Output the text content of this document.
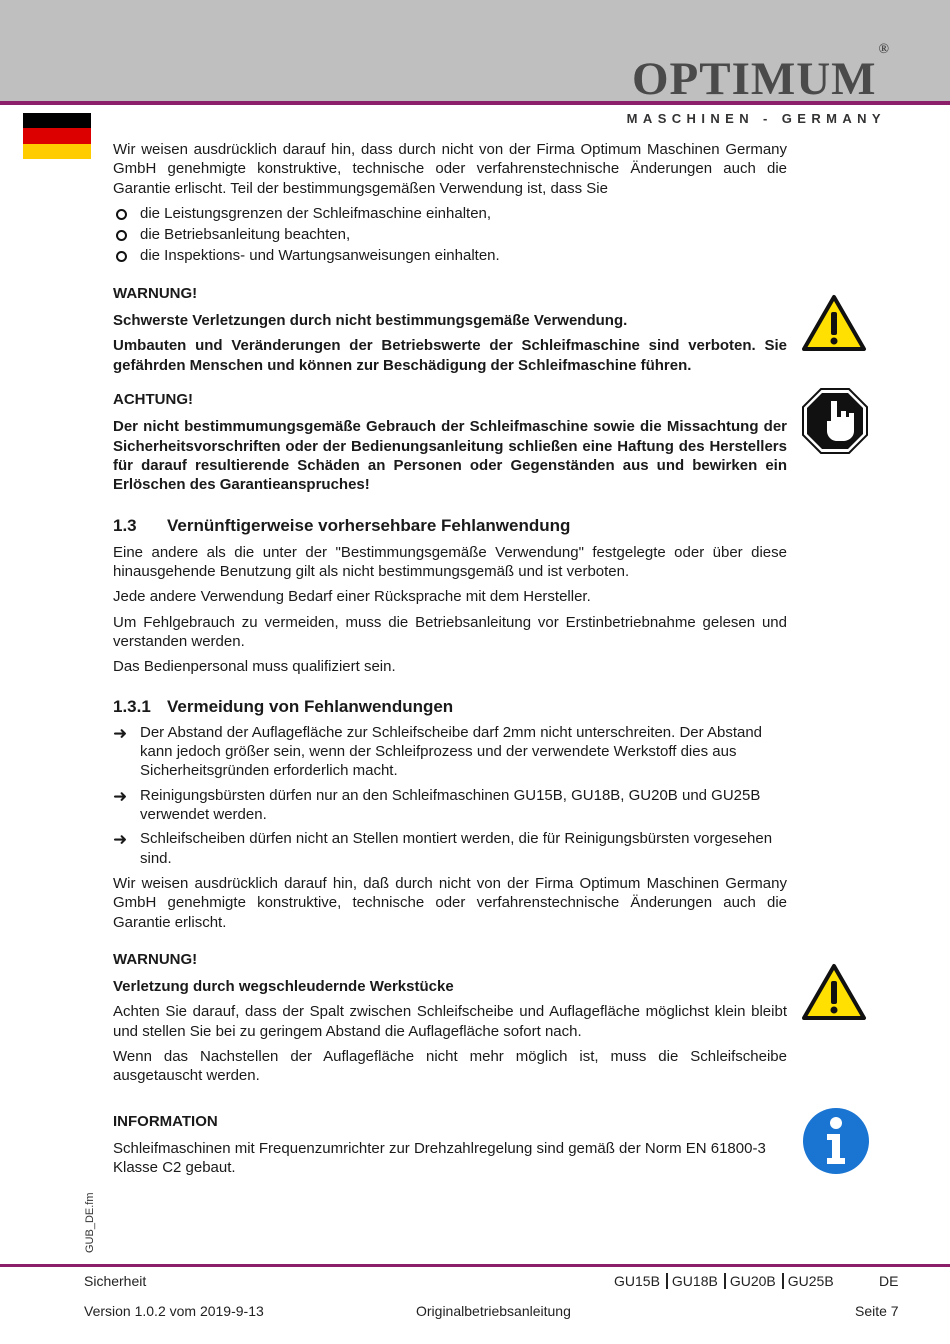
OPTIMUM®
MASCHINEN - GERMANY

Wir weisen ausdrücklich darauf hin, dass durch nicht von der Firma Optimum Maschinen Germany GmbH genehmigte konstruktive, technische oder verfahrenstechnische Änderungen auch die Garantie erlischt. Teil der bestimmungsgemäßen Verwendung ist, dass Sie

die Leistungsgrenzen der Schleifmaschine einhalten,
die Betriebsanleitung beachten,
die Inspektions- und Wartungsanweisungen einhalten.

WARNUNG!

Schwerste Verletzungen durch nicht bestimmungsgemäße Verwendung.

Umbauten und Veränderungen der Betriebswerte der Schleifmaschine sind verboten. Sie gefährden Menschen und können zur Beschädigung der Schleifmaschine führen.

ACHTUNG!

Der nicht bestimmumungsgemäße Gebrauch der Schleifmaschine sowie die Missachtung der Sicherheitsvorschriften oder der Bedienungsanleitung schließen eine Haftung des Herstellers für darauf resultierende Schäden an Personen oder Gegenständen aus und bewirken ein Erlöschen des Garantieanspruches!

1.3 Vernünftigerweise vorhersehbare Fehlanwendung

Eine andere als die unter der "Bestimmungsgemäße Verwendung" festgelegte oder über diese hinausgehende Benutzung gilt als nicht bestimmungsgemäß und ist verboten.

Jede andere Verwendung Bedarf einer Rücksprache mit dem Hersteller.

Um Fehlgebrauch zu vermeiden, muss die Betriebsanleitung vor Erstinbetriebnahme gelesen und verstanden werden.

Das Bedienpersonal muss qualifiziert sein.

1.3.1 Vermeidung von Fehlanwendungen
➜ Der Abstand der Auflagefläche zur Schleifscheibe darf 2mm nicht unterschreiten. Der Abstand kann jedoch größer sein, wenn der Schleifprozess und der verwendete Werkstoff dies aus Sicherheitsgründen erforderlich macht.
➜ Reinigungsbürsten dürfen nur an den Schleifmaschinen GU15B, GU18B, GU20B und GU25B verwendet werden.
➜ Schleifscheiben dürfen nicht an Stellen montiert werden, die für Reinigungsbürsten vorgesehen sind.

Wir weisen ausdrücklich darauf hin, daß durch nicht von der Firma Optimum Maschinen Germany GmbH genehmigte konstruktive, technische oder verfahrenstechnische Änderungen auch die Garantie erlischt.

WARNUNG!

Verletzung durch wegschleudernde Werkstücke

Achten Sie darauf, dass der Spalt zwischen Schleifscheibe und Auflagefläche möglichst klein bleibt und stellen Sie bei zu geringem Abstand die Auflagefläche sofort nach.

Wenn das Nachstellen der Auflagefläche nicht mehr möglich ist, muss die Schleifscheibe ausgetauscht werden.

INFORMATION

Schleifmaschinen mit Frequenzumrichter zur Drehzahlregelung sind gemäß der Norm EN 61800-3 Klasse C2 gebaut.

GUB_DE.fm
Sicherheit	GU15B GU18B GU20B GU25B	DE
Version 1.0.2 vom 2019-9-13	Originalbetriebsanleitung	Seite 7
